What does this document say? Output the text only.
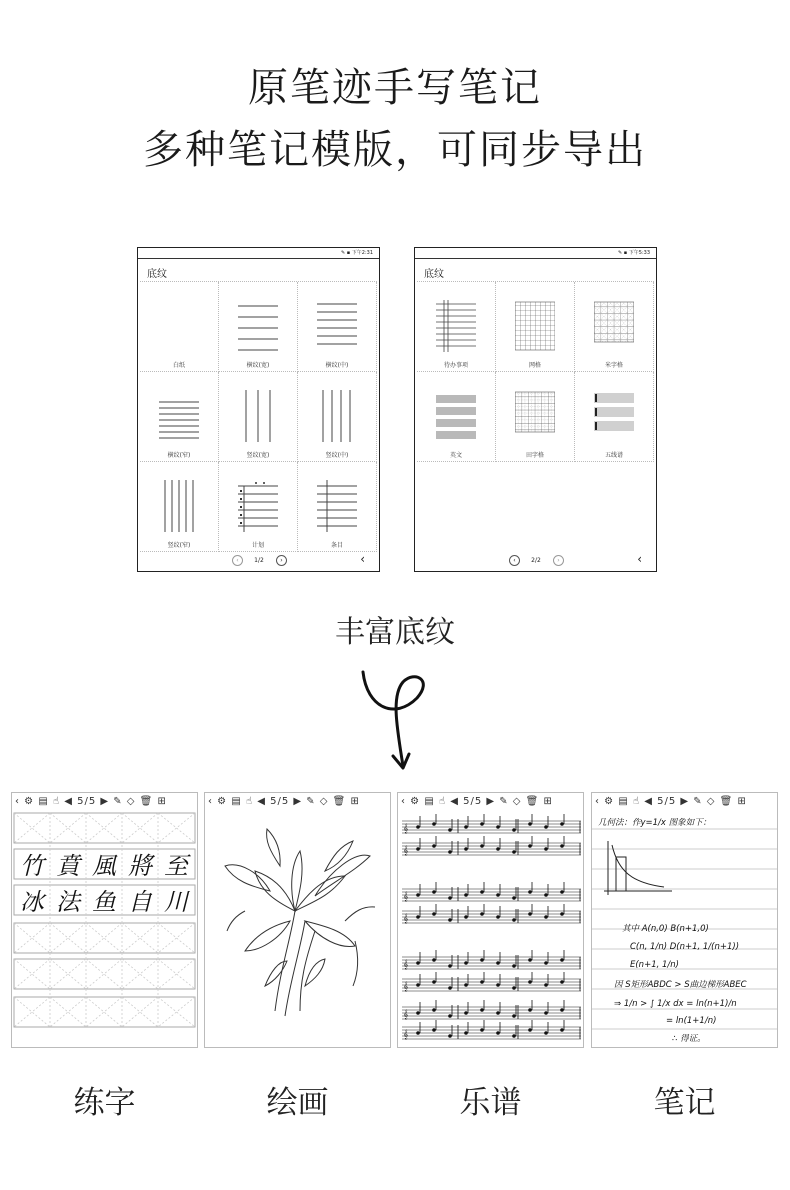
原笔迹手写笔记
多种笔记模版，可同步导出
✎ ▪ 下午2:31
底纹
白纸	横纹(宽)	横纹(中)
横纹(窄)	竖纹(宽)	竖纹(中)
竖纹(窄)	计划	条目
‹	1/2	›	‹
✎ ▪ 下午5:33
底纹
待办事项	网格	米字格
英文	田字格	五线谱
‹	2/2	›	‹
丰富底纹
‹ ⚙ ▤ ☝ ◀ 5/5 ▶ ✎ ◇ 🗑 ⊞
竹 賁 風 將 至
冰 法 鱼 自 川
‹ ⚙ ▤ ☝ ◀ 5/5 ▶ ✎ ◇ 🗑 ⊞	‹ ⚙ ▤ ☝ ◀ 5/5 ▶ ✎ ◇ 🗑 ⊞
𝄞
‹ ⚙ ▤ ☝ ◀ 5/5 ▶ ✎ ◇ 🗑 ⊞
几何法：作y=1/x 图象如下：
其中 A(n,0) B(n+1,0)
C(n, 1/n) D(n+1, 1/(n+1))
E(n+1, 1/n)
因 S矩形ABDC > S曲边梯形ABEC
⇒ 1/n > ∫ 1/x dx = ln(n+1)/n
= ln(1+1/n)
∴ 得证。
练字	绘画	乐谱	笔记
